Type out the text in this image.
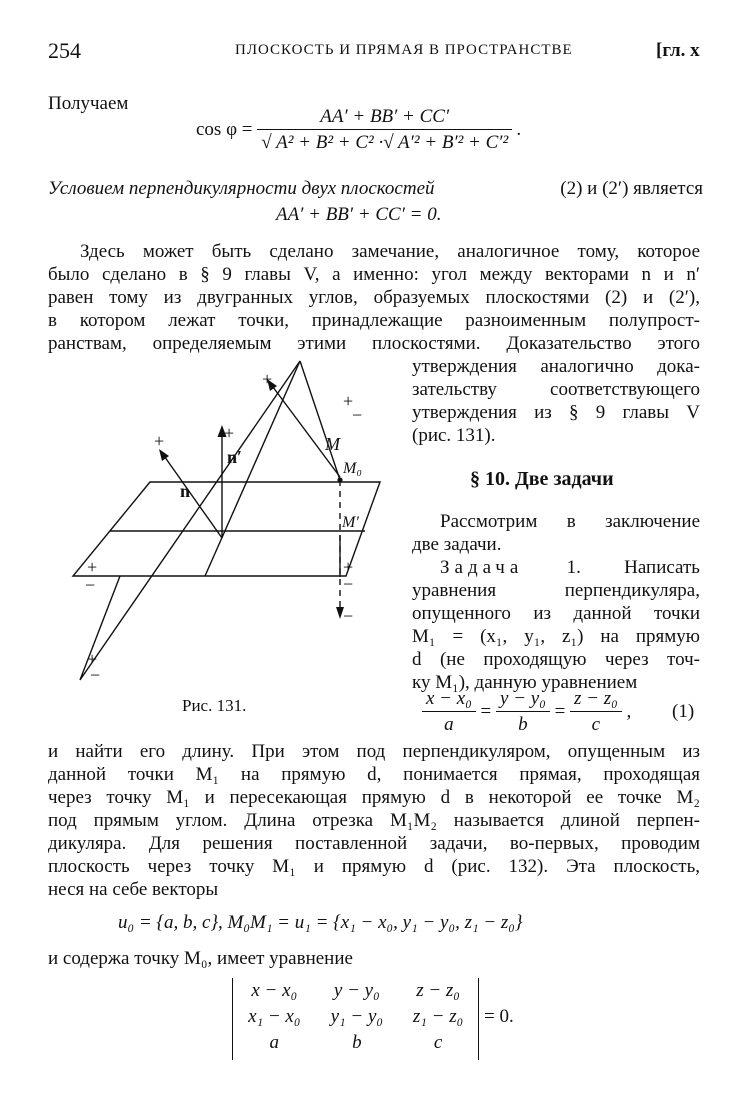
254	ПЛОСКОСТЬ И ПРЯМАЯ В ПРОСТРАНСТВЕ	[гл. x
Получаем
$\cos \varphi = \frac{AA' + BB' + CC'}{\text{√ A² + B² + C² ·√ A′² + B′² + C′²}}$ .
Условием перпендикулярности двух плоскостей	(2) и (2′) является
AA′ + BB′ + CC′ = 0.
Здесь может быть сделано замечание, аналогичное тому, которое
было сделано в § 9 главы V, а именно: угол между векторами n и n′
равен тому из двугранных углов, образуемых плоскостями (2) и (2′),
в котором лежат точки, принадлежащие разноименным полупрост-
ранствам, определяемым этими плоскостями. Доказательство этого
утверждения аналогично дока-
зательству соответствующего
утверждения из § 9 главы V
(рис. 131).
§ 10. Две задачи
Рассмотрим в заключение
две задачи.
Задача 1. Написать
уравнения перпендикуляра,
опущенного из данной точки
M₁ = (x₁, y₁, z₁) на прямую
d (не проходящую через точ-
ку M₁), данную уравнением
$\frac{\text{x − x₀}}{a} = \frac{\text{y − y₀}}{b} = \frac{\text{z − z₀}}{c}$ , (1)
n
n′
M
M₀
M′
+
+	+
+
−
+
−
+
−
−
+
−
Рис. 131.
и найти его длину. При этом под перпендикуляром, опущенным из
данной точки M₁ на прямую d, понимается прямая, проходящая
через точку M₁ и пересекающая прямую d в некоторой ее точке M₂
под прямым углом. Длина отрезка M₁M₂ называется длиной перпен-
дикуляра. Для решения поставленной задачи, во-первых, проводим
плоскость через точку M₁ и прямую d (рис. 132). Эта плоскость,
неся на себе векторы
u₀ = {a, b, c}, M₀M₁ = u₁ = {x₁ − x₀, y₁ − y₀, z₁ − z₀}
и содержа точку M₀, имеет уравнение
x − x₀	y − y₀	z − z₀
x₁ − x₀	y₁ − y₀	z₁ − z₀
a	b	c
= 0.
